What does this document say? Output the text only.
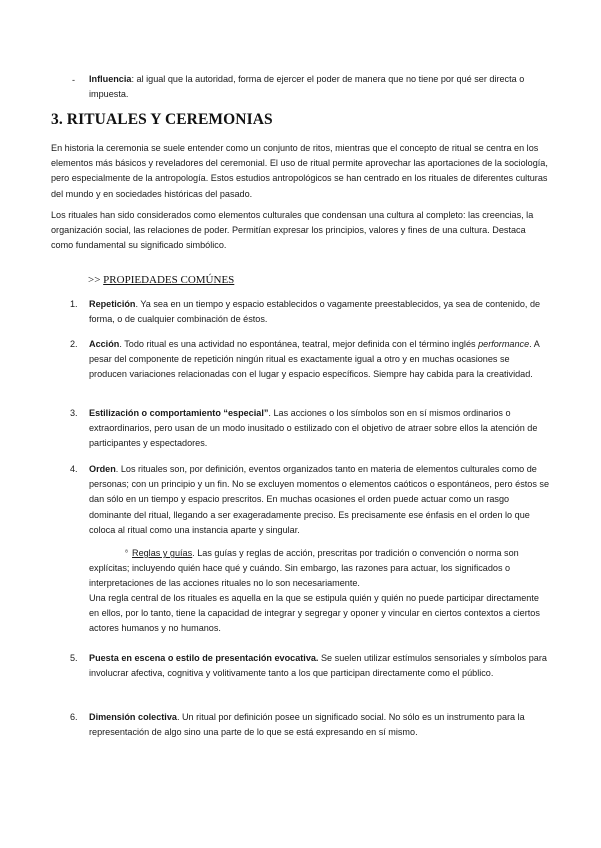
- Influencia: al igual que la autoridad, forma de ejercer el poder de manera que no tiene por qué ser directa o impuesta.

3. RITUALES Y CEREMONIAS

En historia la ceremonia se suele entender como un conjunto de ritos, mientras que el concepto de ritual se centra en los elementos más básicos y reveladores del ceremonial. El uso de ritual permite aprovechar las aportaciones de la sociología, pero especialmente de la antropología. Estos estudios antropológicos se han centrado en los rituales de diferentes culturas del mundo y en sociedades históricas del pasado.

Los rituales han sido considerados como elementos culturales que condensan una cultura al completo: las creencias, la organización social, las relaciones de poder. Permitían expresar los principios, valores y fines de una cultura. Destaca como fundamental su significado simbólico.

>> PROPIEDADES COMÚNES

1. Repetición. Ya sea en un tiempo y espacio establecidos o vagamente preestablecidos, ya sea de contenido, de forma, o de cualquier combinación de éstos.

2. Acción. Todo ritual es una actividad no espontánea, teatral, mejor definida con el término inglés performance. A pesar del componente de repetición ningún ritual es exactamente igual a otro y en muchas ocasiones se producen variaciones relacionadas con el lugar y espacio específicos. Siempre hay cabida para la creatividad.

3. Estilización o comportamiento “especial”. Las acciones o los símbolos son en sí mismos ordinarios o extraordinarios, pero usan de un modo inusitado o estilizado con el objetivo de atraer sobre ellos la atención de participantes y espectadores.

4. Orden. Los rituales son, por definición, eventos organizados tanto en materia de elementos culturales como de personas; con un principio y un fin. No se excluyen momentos o elementos caóticos o espontáneos, pero éstos se dan sólo en un tiempo y espacio prescritos. En muchas ocasiones el orden puede actuar como un rasgo dominante del ritual, llegando a ser exageradamente preciso. Es precisamente ese énfasis en el orden lo que coloca al ritual como una instancia aparte y singular.

⁸ Reglas y guías. Las guías y reglas de acción, prescritas por tradición o convención o norma son explícitas; incluyendo quién hace qué y cuándo. Sin embargo, las razones para actuar, los significados o interpretaciones de las acciones rituales no lo son necesariamente.

Una regla central de los rituales es aquella en la que se estipula quién y quién no puede participar directamente en ellos, por lo tanto, tiene la capacidad de integrar y segregar y oponer y vincular en ciertos contextos a ciertos actores humanos y no humanos.

5. Puesta en escena o estilo de presentación evocativa. Se suelen utilizar estímulos sensoriales y símbolos para involucrar afectiva, cognitiva y volitivamente tanto a los que participan directamente como el público.

6. Dimensión colectiva. Un ritual por definición posee un significado social. No sólo es un instrumento para la representación de algo sino una parte de lo que se está expresando en sí mismo.
